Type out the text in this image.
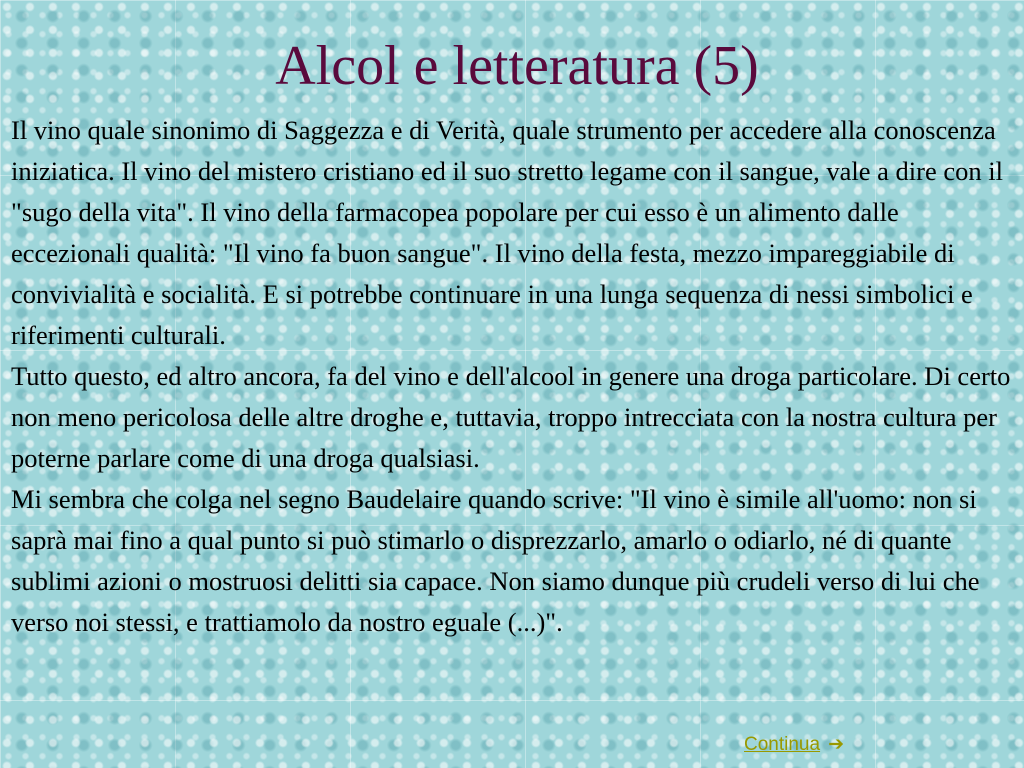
Alcol e letteratura (5)

Il vino quale sinonimo di Saggezza e di Verità, quale strumento per accedere alla conoscenza iniziatica. Il vino del mistero cristiano ed il suo stretto legame con il sangue, vale a dire con il "sugo della vita". Il vino della farmacopea popolare per cui esso è un alimento dalle eccezionali qualità: "Il vino fa buon sangue". Il vino della festa, mezzo impareggiabile di convivialità e socialità. E si potrebbe continuare in una lunga sequenza di nessi simbolici e riferimenti culturali.

Tutto questo, ed altro ancora, fa del vino e dell'alcool in genere una droga particolare. Di certo non meno pericolosa delle altre droghe e, tuttavia, troppo intrecciata con la nostra cultura per poterne parlare come di una droga qualsiasi.

Mi sembra che colga nel segno Baudelaire quando scrive: "Il vino è simile all'uomo: non si saprà mai fino a qual punto si può stimarlo o disprezzarlo, amarlo o odiarlo, né di quante sublimi azioni o mostruosi delitti sia capace. Non siamo dunque più crudeli verso di lui che verso noi stessi, e trattiamolo da nostro eguale (...)".

Continua ➔
